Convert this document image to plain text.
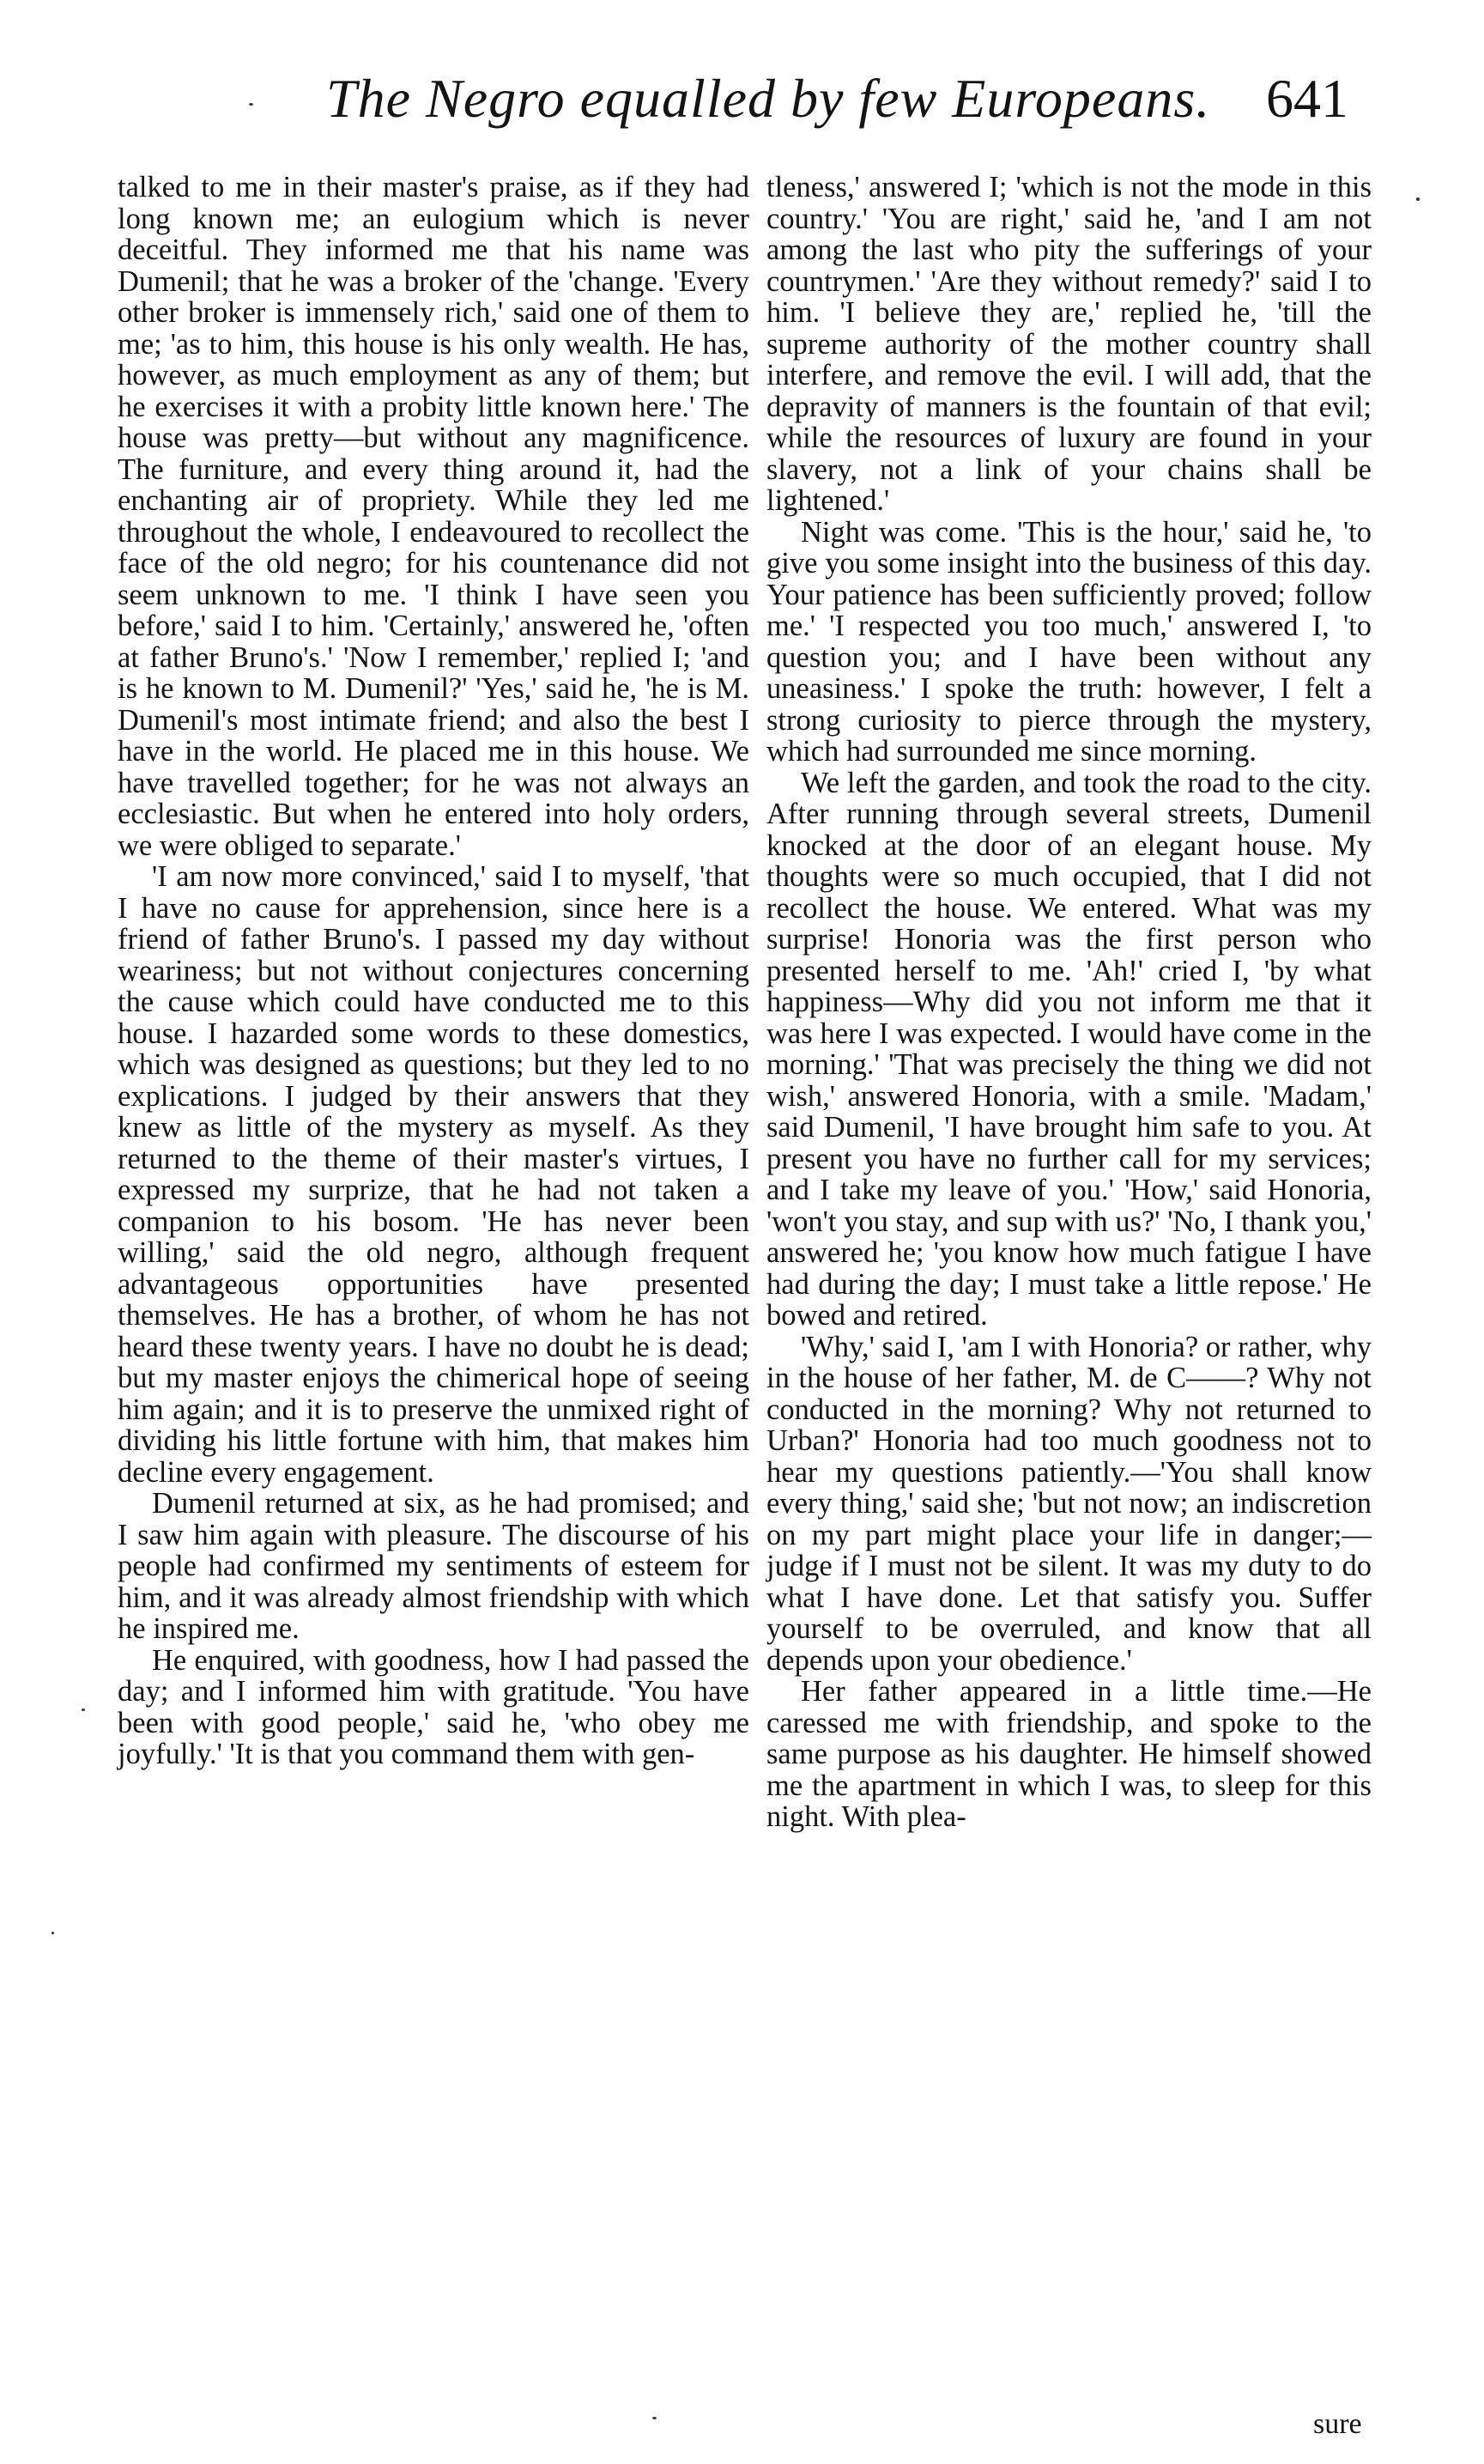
The Negro equalled by few Europeans. 641

talked to me in their master's praise, as if they had long known me; an eulogium which is never deceitful. They informed me that his name was Dumenil; that he was a broker of the 'change. 'Every other broker is immensely rich,' said one of them to me; 'as to him, this house is his only wealth. He has, however, as much employment as any of them; but he exercises it with a probity little known here.' The house was pretty—but without any magnificence. The furniture, and every thing around it, had the enchanting air of propriety. While they led me throughout the whole, I endeavoured to recollect the face of the old negro; for his countenance did not seem unknown to me. 'I think I have seen you before,' said I to him. 'Certainly,' answered he, 'often at father Bruno's.' 'Now I remember,' replied I; 'and is he known to M. Dumenil?' 'Yes,' said he, 'he is M. Dumenil's most intimate friend; and also the best I have in the world. He placed me in this house. We have travelled together; for he was not always an ecclesiastic. But when he entered into holy orders, we were obliged to separate.'

'I am now more convinced,' said I to myself, 'that I have no cause for apprehension, since here is a friend of father Bruno's. I passed my day without weariness; but not without conjectures concerning the cause which could have conducted me to this house. I hazarded some words to these domestics, which was designed as questions; but they led to no explications. I judged by their answers that they knew as little of the mystery as myself. As they returned to the theme of their master's virtues, I expressed my surprize, that he had not taken a companion to his bosom. 'He has never been willing,' said the old negro, although frequent advantageous opportunities have presented themselves. He has a brother, of whom he has not heard these twenty years. I have no doubt he is dead; but my master enjoys the chimerical hope of seeing him again; and it is to preserve the unmixed right of dividing his little fortune with him, that makes him decline every engagement.

Dumenil returned at six, as he had promised; and I saw him again with pleasure. The discourse of his people had confirmed my sentiments of esteem for him, and it was already almost friendship with which he inspired me.

He enquired, with goodness, how I had passed the day; and I informed him with gratitude. 'You have been with good people,' said he, 'who obey me joyfully.' 'It is that you command them with gen-

tleness,' answered I; 'which is not the mode in this country.' 'You are right,' said he, 'and I am not among the last who pity the sufferings of your countrymen.' 'Are they without remedy?' said I to him. 'I believe they are,' replied he, 'till the supreme authority of the mother country shall interfere, and remove the evil. I will add, that the depravity of manners is the fountain of that evil; while the resources of luxury are found in your slavery, not a link of your chains shall be lightened.'

Night was come. 'This is the hour,' said he, 'to give you some insight into the business of this day. Your patience has been sufficiently proved; follow me.' 'I respected you too much,' answered I, 'to question you; and I have been without any uneasiness.' I spoke the truth: however, I felt a strong curiosity to pierce through the mystery, which had surrounded me since morning.

We left the garden, and took the road to the city. After running through several streets, Dumenil knocked at the door of an elegant house. My thoughts were so much occupied, that I did not recollect the house. We entered. What was my surprise! Honoria was the first person who presented herself to me. 'Ah!' cried I, 'by what happiness—Why did you not inform me that it was here I was expected. I would have come in the morning.' 'That was precisely the thing we did not wish,' answered Honoria, with a smile. 'Madam,' said Dumenil, 'I have brought him safe to you. At present you have no further call for my services; and I take my leave of you.' 'How,' said Honoria, 'won't you stay, and sup with us?' 'No, I thank you,' answered he; 'you know how much fatigue I have had during the day; I must take a little repose.' He bowed and retired.

'Why,' said I, 'am I with Honoria? or rather, why in the house of her father, M. de C——? Why not conducted in the morning? Why not returned to Urban?' Honoria had too much goodness not to hear my questions patiently.—'You shall know every thing,' said she; 'but not now; an indiscretion on my part might place your life in danger;—judge if I must not be silent. It was my duty to do what I have done. Let that satisfy you. Suffer yourself to be overruled, and know that all depends upon your obedience.'

Her father appeared in a little time.—He caressed me with friendship, and spoke to the same purpose as his daughter. He himself showed me the apartment in which I was, to sleep for this night. With plea-

sure
